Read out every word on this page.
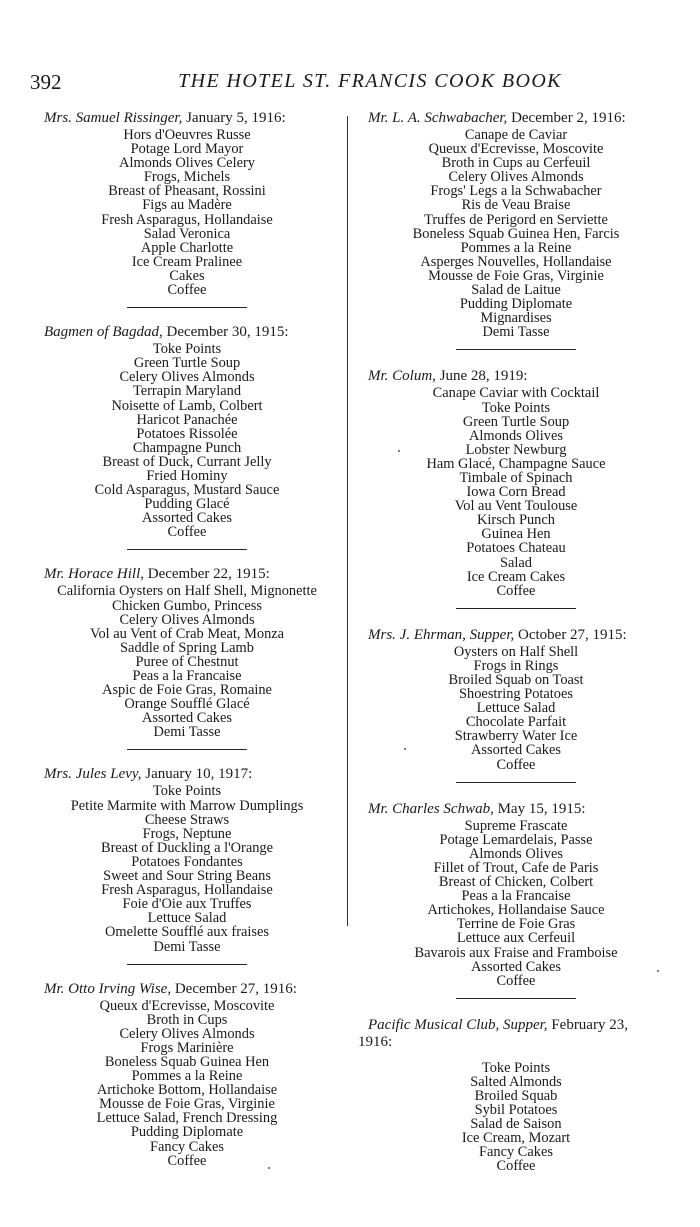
392	THE HOTEL ST. FRANCIS COOK BOOK
Mrs. Samuel Rissinger, January 5, 1916:
Hors d'Oeuvres Russe
Potage Lord Mayor
Almonds Olives Celery
Frogs, Michels
Breast of Pheasant, Rossini
Figs au Madère
Fresh Asparagus, Hollandaise
Salad Veronica
Apple Charlotte
Ice Cream Pralinee
Cakes
Coffee
Bagmen of Bagdad, December 30, 1915:
Toke Points
Green Turtle Soup
Celery Olives Almonds
Terrapin Maryland
Noisette of Lamb, Colbert
Haricot Panachée
Potatoes Rissolée
Champagne Punch
Breast of Duck, Currant Jelly
Fried Hominy
Cold Asparagus, Mustard Sauce
Pudding Glacé
Assorted Cakes
Coffee
Mr. Horace Hill, December 22, 1915:
California Oysters on Half Shell, Mignonette
Chicken Gumbo, Princess
Celery Olives Almonds
Vol au Vent of Crab Meat, Monza
Saddle of Spring Lamb
Puree of Chestnut
Peas a la Francaise
Aspic de Foie Gras, Romaine
Orange Soufflé Glacé
Assorted Cakes
Demi Tasse
Mrs. Jules Levy, January 10, 1917:
Toke Points
Petite Marmite with Marrow Dumplings
Cheese Straws
Frogs, Neptune
Breast of Duckling a l'Orange
Potatoes Fondantes
Sweet and Sour String Beans
Fresh Asparagus, Hollandaise
Foie d'Oie aux Truffes
Lettuce Salad
Omelette Soufflé aux fraises
Demi Tasse
Mr. Otto Irving Wise, December 27, 1916:
Queux d'Ecrevisse, Moscovite
Broth in Cups
Celery Olives Almonds
Frogs Marinière
Boneless Squab Guinea Hen
Pommes a la Reine
Artichoke Bottom, Hollandaise
Mousse de Foie Gras, Virginie
Lettuce Salad, French Dressing
Pudding Diplomate
Fancy Cakes
Coffee
Mr. L. A. Schwabacher, December 2, 1916:
Canape de Caviar
Queux d'Ecrevisse, Moscovite
Broth in Cups au Cerfeuil
Celery Olives Almonds
Frogs' Legs a la Schwabacher
Ris de Veau Braise
Truffes de Perigord en Serviette
Boneless Squab Guinea Hen, Farcis
Pommes a la Reine
Asperges Nouvelles, Hollandaise
Mousse de Foie Gras, Virginie
Salad de Laitue
Pudding Diplomate
Mignardises
Demi Tasse
Mr. Colum, June 28, 1919:
Canape Caviar with Cocktail
Toke Points
Green Turtle Soup
Almonds Olives
Lobster Newburg
Ham Glacé, Champagne Sauce
Timbale of Spinach
Iowa Corn Bread
Vol au Vent Toulouse
Kirsch Punch
Guinea Hen
Potatoes Chateau
Salad
Ice Cream Cakes
Coffee
Mrs. J. Ehrman, Supper, October 27, 1915:
Oysters on Half Shell
Frogs in Rings
Broiled Squab on Toast
Shoestring Potatoes
Lettuce Salad
Chocolate Parfait
Strawberry Water Ice
Assorted Cakes
Coffee
Mr. Charles Schwab, May 15, 1915:
Supreme Frascate
Potage Lemardelais, Passe
Almonds Olives
Fillet of Trout, Cafe de Paris
Breast of Chicken, Colbert
Peas a la Francaise
Artichokes, Hollandaise Sauce
Terrine de Foie Gras
Lettuce aux Cerfeuil
Bavarois aux Fraise and Framboise
Assorted Cakes
Coffee
Pacific Musical Club, Supper, February 23,
1916:
Toke Points
Salted Almonds
Broiled Squab
Sybil Potatoes
Salad de Saison
Ice Cream, Mozart
Fancy Cakes
Coffee
